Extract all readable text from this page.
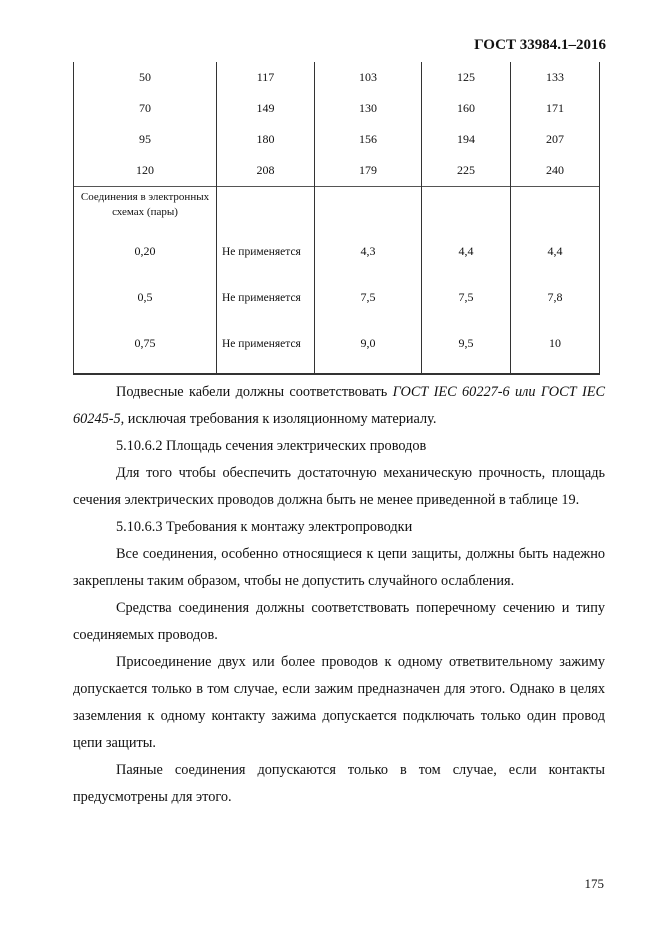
ГОСТ 33984.1–2016
50	117	103	125	133
70	149	130	160	171
95	180	156	194	207
120	208	179	225	240
Соединения в электронных схемах (пары)				
0,20	Не применяется	4,3	4,4	4,4
0,5	Не применяется	7,5	7,5	7,8
0,75	Не применяется	9,0	9,5	10

Подвесные кабели должны соответствовать ГОСТ IEC 60227-6 или ГОСТ IEC 60245-5, исключая требования к изоляционному материалу.

5.10.6.2 Площадь сечения электрических проводов

Для того чтобы обеспечить достаточную механическую прочность, площадь сечения электрических проводов должна быть не менее приведенной в таблице 19.

5.10.6.3 Требования к монтажу электропроводки

Все соединения, особенно относящиеся к цепи защиты, должны быть надежно закреплены таким образом, чтобы не допустить случайного ослабления.

Средства соединения должны соответствовать поперечному сечению и типу соединяемых проводов.

Присоединение двух или более проводов к одному ответвительному зажиму допускается только в том случае, если зажим предназначен для этого. Однако в целях заземления к одному контакту зажима допускается подключать только один провод цепи защиты.

Паяные соединения допускаются только в том случае, если контакты предусмотрены для этого.

175
